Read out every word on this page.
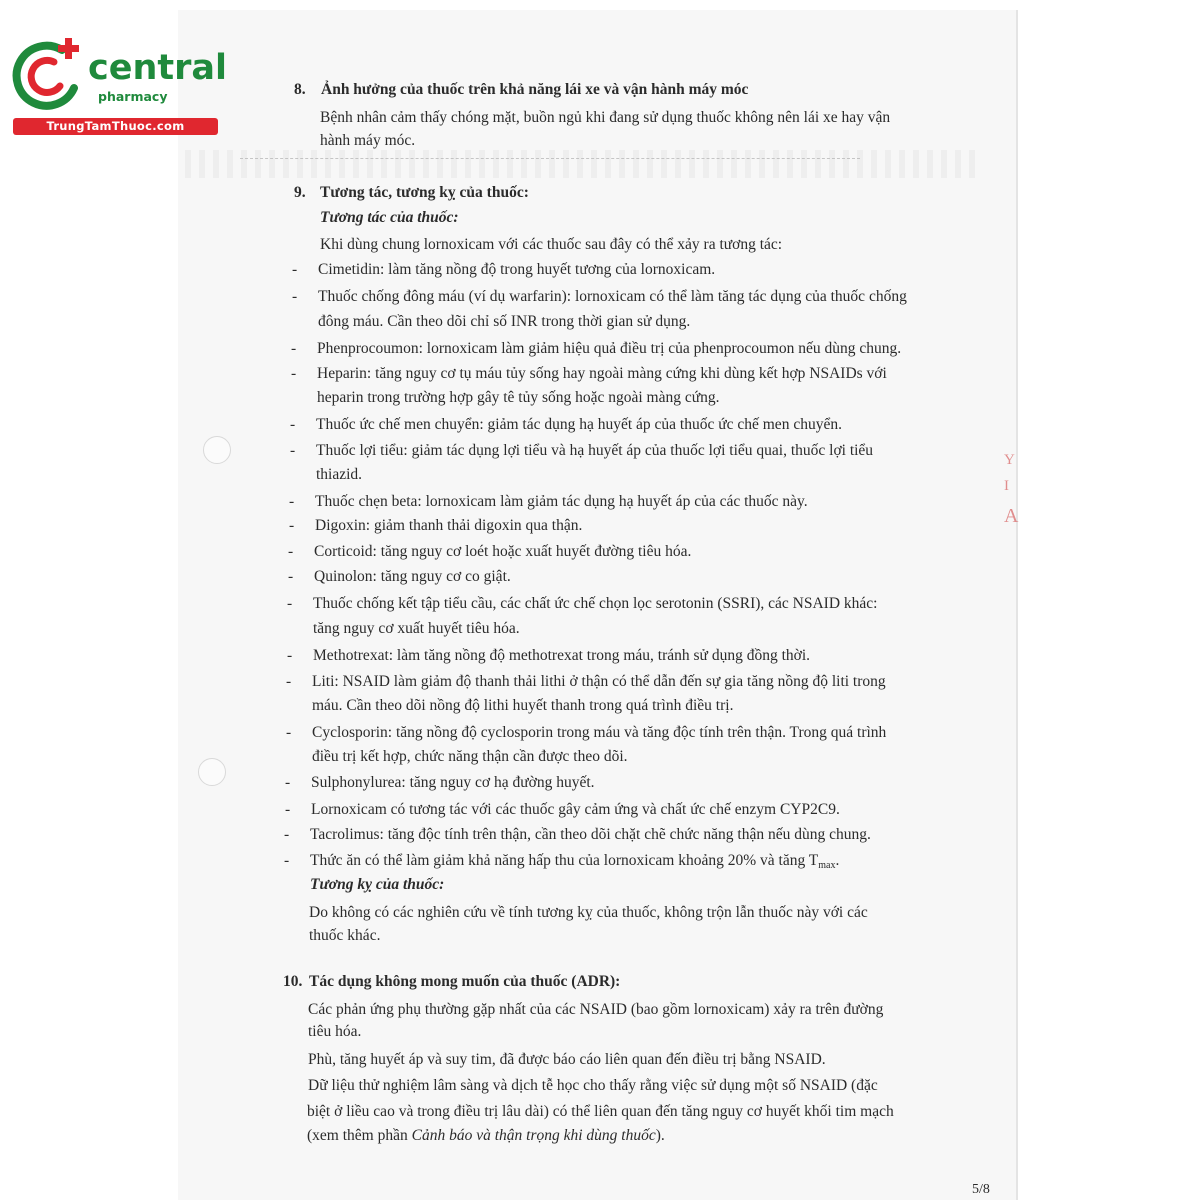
Y
I
A
central
pharmacy
TrungTamThuoc.com
8. Ảnh hưởng của thuốc trên khả năng lái xe và vận hành máy móc
Bệnh nhân cảm thấy chóng mặt, buồn ngủ khi đang sử dụng thuốc không nên lái xe hay vận
hành máy móc.
9. Tương tác, tương kỵ của thuốc:
Tương tác của thuốc:
Khi dùng chung lornoxicam với các thuốc sau đây có thể xảy ra tương tác:
- Cimetidin: làm tăng nồng độ trong huyết tương của lornoxicam.
- Thuốc chống đông máu (ví dụ warfarin): lornoxicam có thể làm tăng tác dụng của thuốc chống
đông máu. Cần theo dõi chỉ số INR trong thời gian sử dụng.
- Phenprocoumon: lornoxicam làm giảm hiệu quả điều trị của phenprocoumon nếu dùng chung.
- Heparin: tăng nguy cơ tụ máu tủy sống hay ngoài màng cứng khi dùng kết hợp NSAIDs với
heparin trong trường hợp gây tê tủy sống hoặc ngoài màng cứng.
- Thuốc ức chế men chuyển: giảm tác dụng hạ huyết áp của thuốc ức chế men chuyển.
- Thuốc lợi tiểu: giảm tác dụng lợi tiểu và hạ huyết áp của thuốc lợi tiểu quai, thuốc lợi tiểu
thiazid.
- Thuốc chẹn beta: lornoxicam làm giảm tác dụng hạ huyết áp của các thuốc này.
- Digoxin: giảm thanh thải digoxin qua thận.
- Corticoid: tăng nguy cơ loét hoặc xuất huyết đường tiêu hóa.
- Quinolon: tăng nguy cơ co giật.
- Thuốc chống kết tập tiểu cầu, các chất ức chế chọn lọc serotonin (SSRI), các NSAID khác:
tăng nguy cơ xuất huyết tiêu hóa.
- Methotrexat: làm tăng nồng độ methotrexat trong máu, tránh sử dụng đồng thời.
- Liti: NSAID làm giảm độ thanh thải lithi ở thận có thể dẫn đến sự gia tăng nồng độ liti trong
máu. Cần theo dõi nồng độ lithi huyết thanh trong quá trình điều trị.
- Cyclosporin: tăng nồng độ cyclosporin trong máu và tăng độc tính trên thận. Trong quá trình
điều trị kết hợp, chức năng thận cần được theo dõi.
- Sulphonylurea: tăng nguy cơ hạ đường huyết.
- Lornoxicam có tương tác với các thuốc gây cảm ứng và chất ức chế enzym CYP2C9.
- Tacrolimus: tăng độc tính trên thận, cần theo dõi chặt chẽ chức năng thận nếu dùng chung.
- Thức ăn có thể làm giảm khả năng hấp thu của lornoxicam khoảng 20% và tăng $T_{max}$.
Tương kỵ của thuốc:
Do không có các nghiên cứu về tính tương kỵ của thuốc, không trộn lẫn thuốc này với các
thuốc khác.
10. Tác dụng không mong muốn của thuốc (ADR):
Các phản ứng phụ thường gặp nhất của các NSAID (bao gồm lornoxicam) xảy ra trên đường
tiêu hóa.
Phù, tăng huyết áp và suy tim, đã được báo cáo liên quan đến điều trị bằng NSAID.
Dữ liệu thử nghiệm lâm sàng và dịch tễ học cho thấy rằng việc sử dụng một số NSAID (đặc
biệt ở liều cao và trong điều trị lâu dài) có thể liên quan đến tăng nguy cơ huyết khối tim mạch
(xem thêm phần Cảnh báo và thận trọng khi dùng thuốc).
5/8
